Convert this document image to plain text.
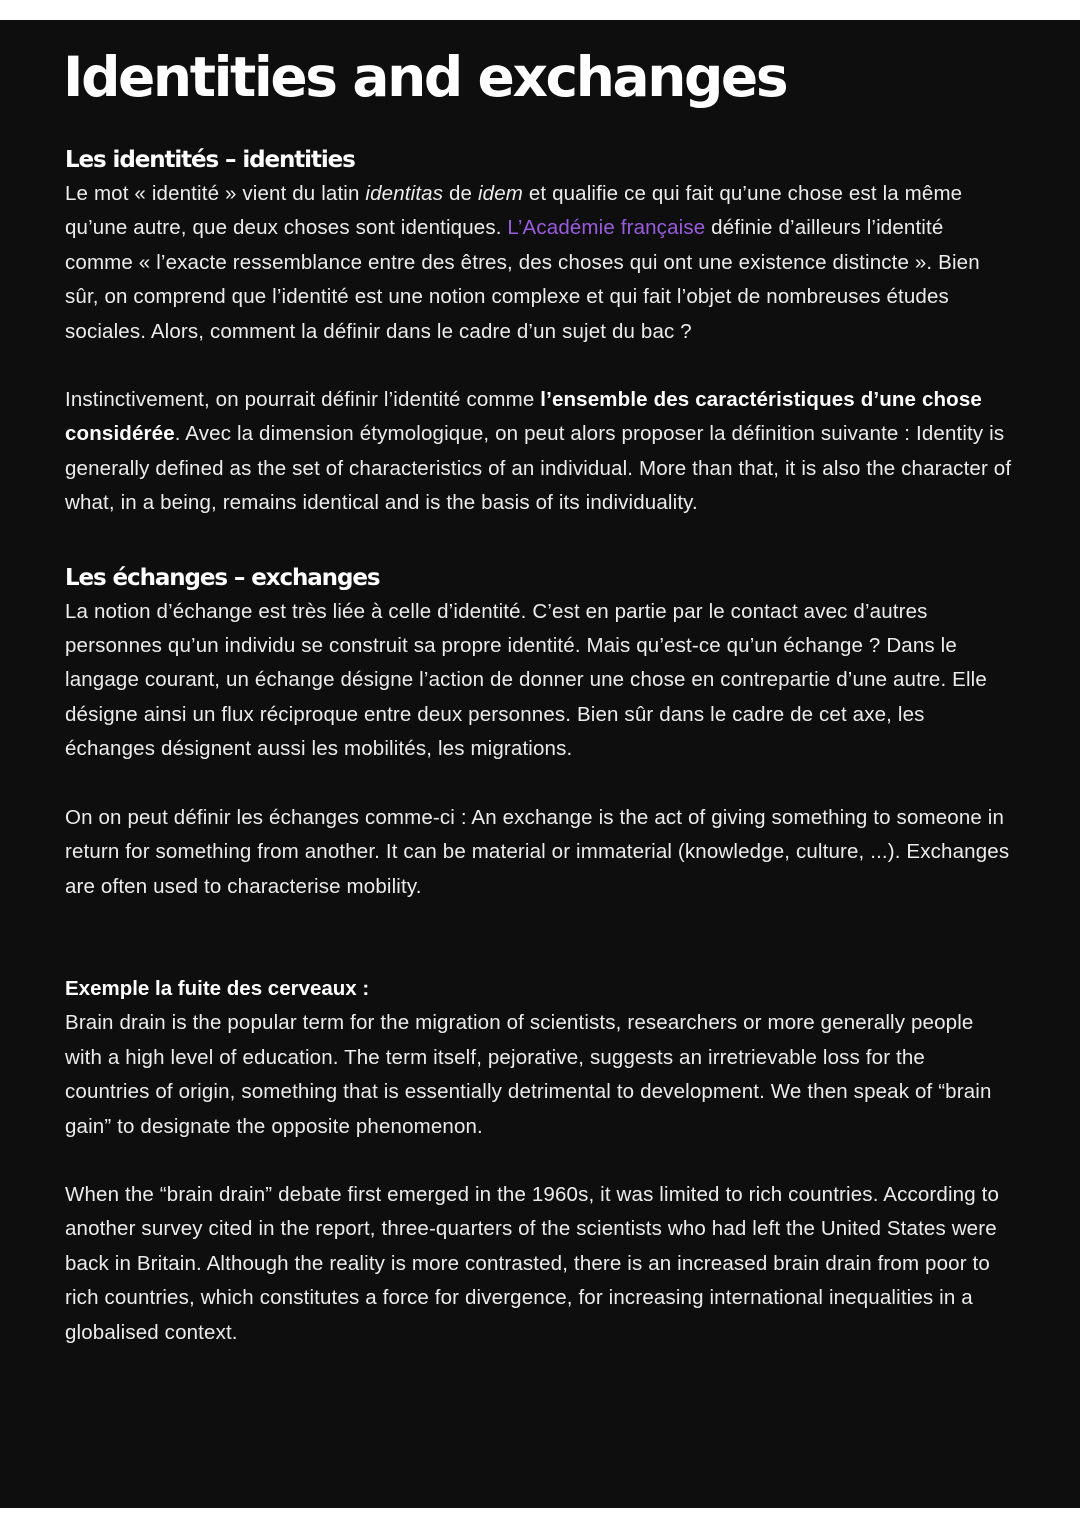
Identities and exchanges
Les identités – identities

Le mot « identité » vient du latin identitas de idem et qualifie ce qui fait qu’une chose est la même qu’une autre, que deux choses sont identiques. L’Académie française définie d’ailleurs l’identité comme « l’exacte ressemblance entre des êtres, des choses qui ont une existence distincte ». Bien sûr, on comprend que l’identité est une notion complexe et qui fait l’objet de nombreuses études sociales. Alors, comment la définir dans le cadre d’un sujet du bac ?

Instinctivement, on pourrait définir l’identité comme l’ensemble des caractéristiques d’une chose considérée. Avec la dimension étymologique, on peut alors proposer la définition suivante : Identity is generally defined as the set of characteristics of an individual. More than that, it is also the character of what, in a being, remains identical and is the basis of its individuality.

Les échanges – exchanges

La notion d’échange est très liée à celle d’identité. C’est en partie par le contact avec d’autres personnes qu’un individu se construit sa propre identité. Mais qu’est-ce qu’un échange ? Dans le langage courant, un échange désigne l’action de donner une chose en contrepartie d’une autre. Elle désigne ainsi un flux réciproque entre deux personnes. Bien sûr dans le cadre de cet axe, les échanges désignent aussi les mobilités, les migrations.

On on peut définir les échanges comme-ci : An exchange is the act of giving something to someone in return for something from another. It can be material or immaterial (knowledge, culture, ...). Exchanges are often used to characterise mobility.

Exemple la fuite des cerveaux :

Brain drain is the popular term for the migration of scientists, researchers or more generally people with a high level of education. The term itself, pejorative, suggests an irretrievable loss for the countries of origin, something that is essentially detrimental to development. We then speak of “brain gain” to designate the opposite phenomenon.

When the “brain drain” debate first emerged in the 1960s, it was limited to rich countries. According to another survey cited in the report, three-quarters of the scientists who had left the United States were back in Britain. Although the reality is more contrasted, there is an increased brain drain from poor to rich countries, which constitutes a force for divergence, for increasing international inequalities in a globalised context.
